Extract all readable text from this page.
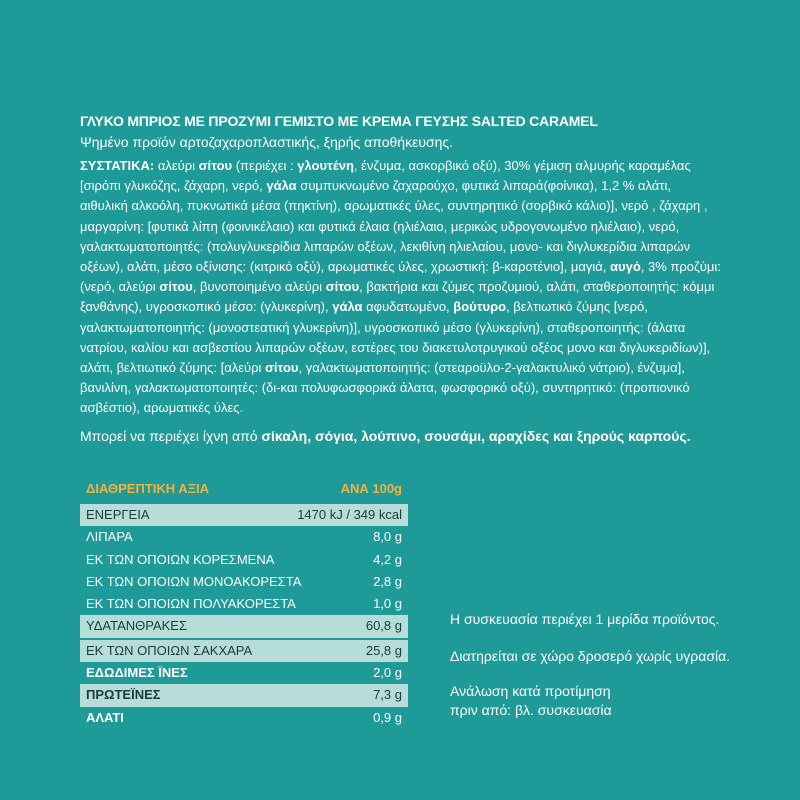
ΓΛΥΚΟ ΜΠΡΙΟΣ ΜΕ ΠΡΟΖΥΜΙ ΓΕΜΙΣΤΟ ΜΕ ΚΡΕΜΑ ΓΕΥΣΗΣ SALTED CARAMEL
Ψημένο προϊόν αρτοζαχαροπλαστικής, ξηρής αποθήκευσης.
ΣΥΣΤΑΤΙΚΑ: αλεύρι σίτου (περιέχει : γλουτένη, ένζυμα, ασκορβικό οξύ), 30% γέμιση αλμυρής καραμέλας
[σιρόπι γλυκόζης, ζάχαρη, νερό, γάλα συμπυκνωμένο ζαχαρούχο, φυτικά λιπαρά(φοίνικα), 1,2 % αλάτι,
αιθυλική αλκοόλη, πυκνωτικά μέσα (πηκτίνη), αρωματικές ύλες, συντηρητικό (σορβικό κάλιο)], νερό , ζάχαρη ,
μαργαρίνη: [φυτικά λίπη (φοινικέλαιο) και φυτικά έλαια (ηλιέλαιο, μερικώς υδρογονωμένο ηλιέλαιο), νερό,
γαλακτωματοποιητές: (πολυγλυκερίδια λιπαρών οξέων, λεκιθίνη ηλιελαίου, μονο- και διγλυκερίδια λιπαρών
οξέων), αλάτι, μέσο οξίνισης: (κιτρικό οξύ), αρωματικές ύλες, χρωστική: β-καροτένιο], μαγιά, αυγό, 3% προζύμι:
(νερό, αλεύρι σίτου, βυνοποιημένο αλεύρι σίτου, βακτήρια και ζύμες προζυμιού, αλάτι, σταθεροποιητής: κόμμι
ξανθάνης), υγροσκοπικό μέσο: (γλυκερίνη), γάλα αφυδατωμένο, βούτυρο, βελτιωτικό ζύμης [νερό,
γαλακτωματοποιητής: (μονοστεατική γλυκερίνη)], υγροσκοπικό μέσο (γλυκερίνη), σταθεροποιητής: (άλατα
νατρίου, καλίου και ασβεστίου λιπαρών οξέων, εστέρες του διακετυλοτρυγικού οξέος μονο και διγλυκεριδίων)],
αλάτι, βελτιωτικό ζύμης: [αλεύρι σίτου, γαλακτωματοποιητής: (στεαροϋλο-2-γαλακτυλικό νάτριο), ένζυμα],
βανιλίνη, γαλακτωματοποιητές: (δι-και πολυφωσφορικά άλατα, φωσφορικό οξύ), συντηρητικό: (προπιονικό
ασβέστιο), αρωματικές ύλες.
Μπορεί να περιέχει ίχνη από σίκαλη, σόγια, λούπινο, σουσάμι, αραχίδες και ξηρούς καρπούς.
ΔΙΑΘΡΕΠΤΙΚΗ ΑΞΙΑ	ΑΝΑ 100g
ΕΝΕΡΓΕΙΑ	1470 kJ / 349 kcal
ΛΙΠΑΡΑ	8,0 g
ΕΚ ΤΩΝ ΟΠΟΙΩΝ ΚΟΡΕΣΜΕΝΑ	4,2 g
ΕΚ ΤΩΝ ΟΠΟΙΩΝ ΜΟΝΟΑΚΟΡΕΣΤΑ	2,8 g
ΕΚ ΤΩΝ ΟΠΟΙΩΝ ΠΟΛΥΑΚΟΡΕΣΤΑ	1,0 g
ΥΔΑΤΑΝΘΡΑΚΕΣ	60,8 g
ΕΚ ΤΩΝ ΟΠΟΙΩΝ ΣΑΚΧΑΡΑ	25,8 g
ΕΔΩΔΙΜΕΣ ΪΝΕΣ	2,0 g
ΠΡΩΤΕΪΝΕΣ	7,3 g
ΑΛΑΤΙ	0,9 g
Η συσκευασία περιέχει 1 μερίδα προϊόντος.
Διατηρείται σε χώρο δροσερό χωρίς υγρασία.
Ανάλωση κατά προτίμηση
πριν από: βλ. συσκευασία
